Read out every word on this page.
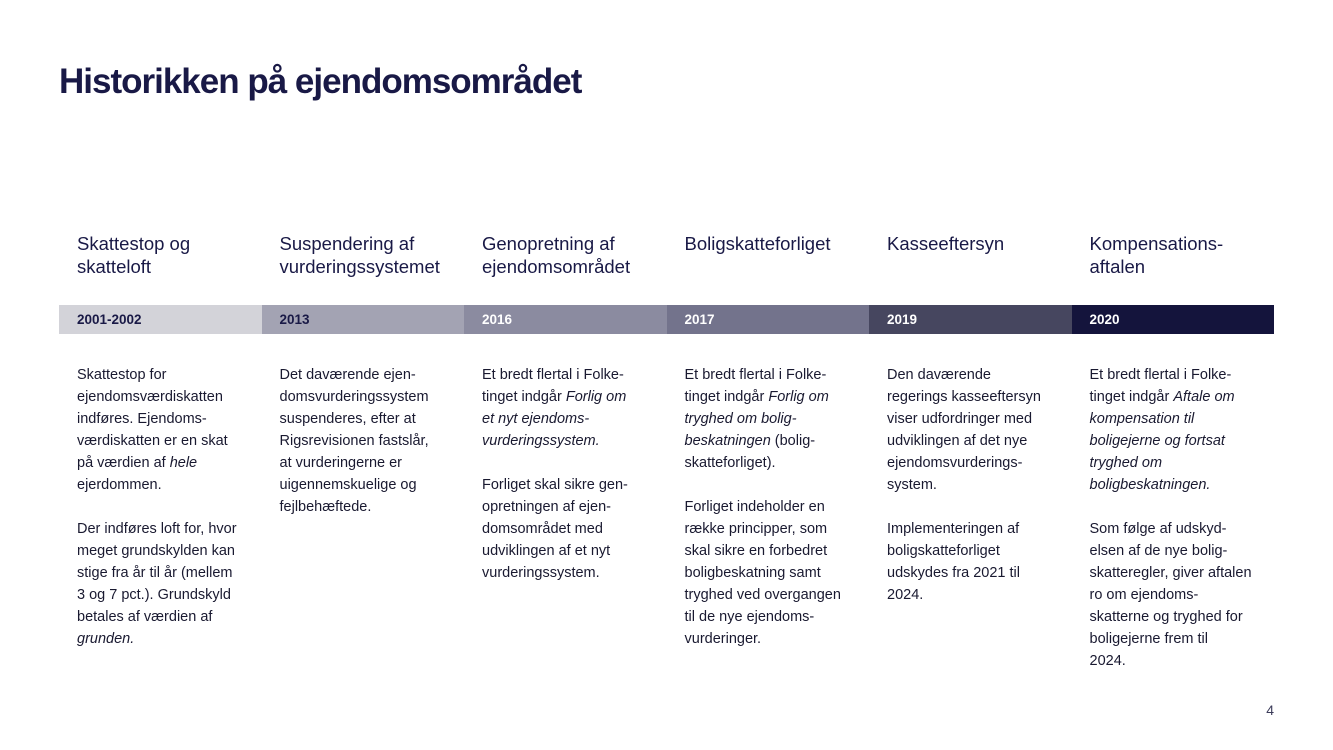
Historikken på ejendomsområdet
Skattestop og
skatteloft
2001-2002
Skattestop for
ejendomsværdiskatten
indføres. Ejendoms-
værdiskatten er en skat
på værdien af hele
ejerdommen.
Der indføres loft for, hvor
meget grundskylden kan
stige fra år til år (mellem
3 og 7 pct.). Grundskyld
betales af værdien af
grunden.
Suspendering af
vurderingssystemet
2013
Det daværende ejen-
domsvurderingssystem
suspenderes, efter at
Rigsrevisionen fastslår,
at vurderingerne er
uigennemskuelige og
fejlbehæftede.
Genopretning af
ejendomsområdet
2016
Et bredt flertal i Folke-
tinget indgår Forlig om
et nyt ejendoms-
vurderingssystem.
Forliget skal sikre gen-
opretningen af ejen-
domsområdet med
udviklingen af et nyt
vurderingssystem.
Boligskatteforliget
2017
Et bredt flertal i Folke-
tinget indgår Forlig om
tryghed om bolig-
beskatningen (bolig-
skatteforliget).
Forliget indeholder en
række principper, som
skal sikre en forbedret
boligbeskatning samt
tryghed ved overgangen
til de nye ejendoms-
vurderinger.
Kasseeftersyn
2019
Den daværende
regerings kasseeftersyn
viser udfordringer med
udviklingen af det nye
ejendomsvurderings-
system.
Implementeringen af
boligskatteforliget
udskydes fra 2021 til
2024.
Kompensations-
aftalen
2020
Et bredt flertal i Folke-
tinget indgår Aftale om
kompensation til
boligejerne og fortsat
tryghed om
boligbeskatningen.
Som følge af udskyd-
elsen af de nye bolig-
skatteregler, giver aftalen
ro om ejendoms-
skatterne og tryghed for
boligejerne frem til
2024.
4
